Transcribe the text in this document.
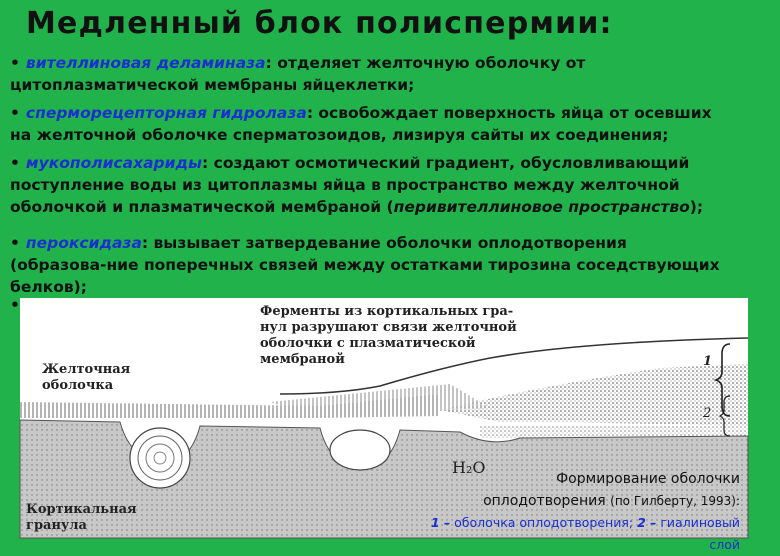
Медленный блок полиспермии:
• вителлиновая деламиназа: отделяет желточную оболочку от
цитоплазматической мембраны яйцеклетки;
• сперморецепторная гидролаза: освобождает поверхность яйца от осевших
на желточной оболочке сперматозоидов, лизируя сайты их соединения;
• мукополисахариды: создают осмотический градиент, обусловливающий
поступление воды из цитоплазмы яйца в пространство между желточной
оболочкой и плазматической мембраной (перивителлиновое пространство);
• пероксидаза: вызывает затвердевание оболочки оплодотворения
(образова-ние поперечных связей между остатками тирозина соседствующих
белков);
•	Ферменты из кортикальных гра-
нул разрушают связи желточной
оболочки с плазматической
мембраной
Желточная
оболочка
Кортикальная
гранула
H₂O
1
2
Формирование оболочки
оплодотворения (по Гилберту, 1993):
1 – оболочка оплодотворения; 2 – гиалиновый слой
